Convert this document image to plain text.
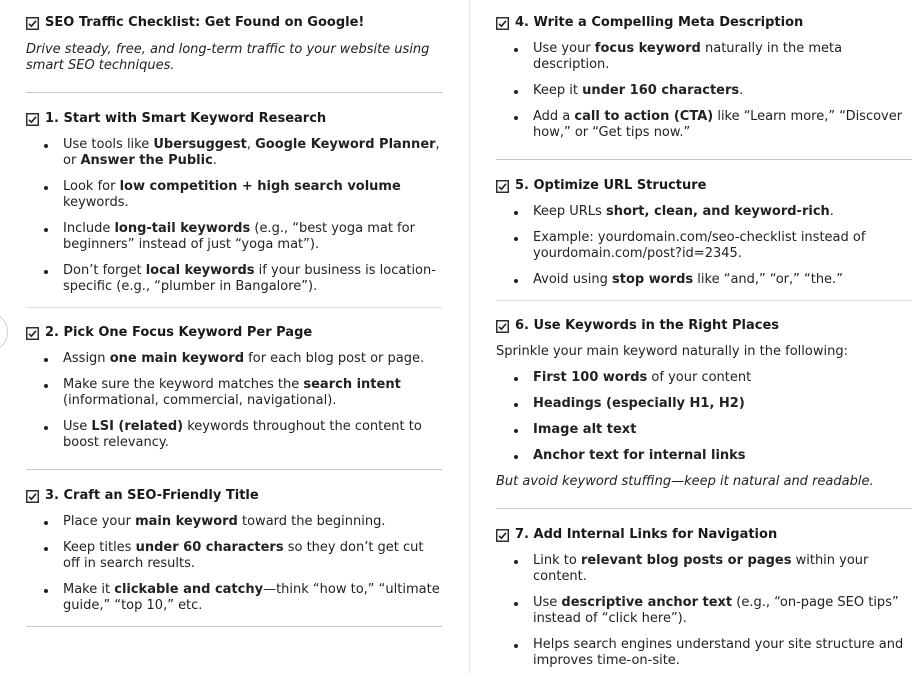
SEO Traffic Checklist: Get Found on Google!

Drive steady, free, and long-term traffic to your website using smart SEO techniques.

1. Start with Smart Keyword Research
Use tools like Ubersuggest, Google Keyword Planner, or Answer the Public.
Look for low competition + high search volume keywords.
Include long-tail keywords (e.g., “best yoga mat for beginners” instead of just “yoga mat”).
Don’t forget local keywords if your business is location-specific (e.g., “plumber in Bangalore”).
2. Pick One Focus Keyword Per Page
Assign one main keyword for each blog post or page.
Make sure the keyword matches the search intent (informational, commercial, navigational).
Use LSI (related) keywords throughout the content to boost relevancy.
3. Craft an SEO-Friendly Title
Place your main keyword toward the beginning.
Keep titles under 60 characters so they don’t get cut off in search results.
Make it clickable and catchy—think “how to,” “ultimate guide,” “top 10,” etc.
4. Write a Compelling Meta Description
Use your focus keyword naturally in the meta description.
Keep it under 160 characters.
Add a call to action (CTA) like “Learn more,” “Discover how,” or “Get tips now.”
5. Optimize URL Structure
Keep URLs short, clean, and keyword-rich.
Example: yourdomain.com/seo-checklist instead of yourdomain.com/post?id=2345.
Avoid using stop words like “and,” “or,” “the.”
6. Use Keywords in the Right Places

Sprinkle your main keyword naturally in the following:

First 100 words of your content
Headings (especially H1, H2)
Image alt text
Anchor text for internal links

But avoid keyword stuffing—keep it natural and readable.

7. Add Internal Links for Navigation
Link to relevant blog posts or pages within your content.
Use descriptive anchor text (e.g., “on-page SEO tips” instead of “click here”).
Helps search engines understand your site structure and improves time-on-site.
